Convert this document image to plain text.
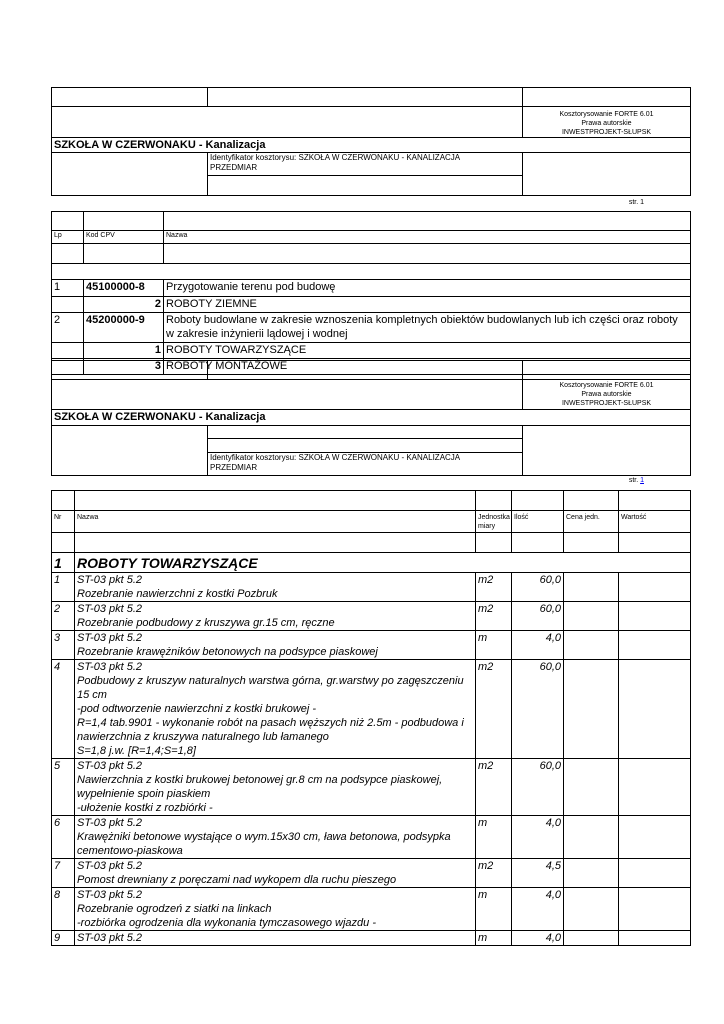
		Kosztorysowanie FORTE 6.01
Prawa autorskie
INWESTPROJEKT-SŁUPSK

SZKOŁA W CZERWONAKU - Kanalizacja		

	Identyfikator kosztorysu: SZKOŁA W CZERWONAKU - KANALIZACJA
PRZEDMIAR	

str. 1

Lp	Kod CPV	Nazwa

1	45100000-8	Przygotowanie terenu pod budowę
	2	ROBOTY ZIEMNE
2	45200000-9	Roboty budowlane w zakresie wznoszenia kompletnych obiektów budowlanych lub ich części oraz roboty w zakresie inżynierii lądowej i wodnej
	1	ROBOTY TOWARZYSZĄCE
	3	ROBOTY MONTAŻOWE

		Kosztorysowanie FORTE 6.01
Prawa autorskie
INWESTPROJEKT-SŁUPSK

SZKOŁA W CZERWONAKU - Kanalizacja		

	Identyfikator kosztorysu: SZKOŁA W CZERWONAKU - KANALIZACJA
PRZEDMIAR	
str. 1

Nr	Nazwa	Jednostka miary	Ilość	Cena jedn.	Wartość

1	ROBOTY TOWARZYSZĄCE				
1	ST-03 pkt 5.2
Rozebranie nawierzchni z kostki Pozbruk	m2	60,0		
2	ST-03 pkt 5.2
Rozebranie podbudowy z kruszywa gr.15 cm, ręczne	m2	60,0		
3	ST-03 pkt 5.2
Rozebranie krawężników betonowych na podsypce piaskowej	m	4,0		
4	ST-03 pkt 5.2
Podbudowy z kruszyw naturalnych warstwa górna, gr.warstwy po zagęszczeniu 15 cm
-pod odtworzenie nawierzchni z kostki brukowej -
R=1,4 tab.9901 - wykonanie robót na pasach węższych niż 2.5m - podbudowa i nawierzchnia z kruszywa naturalnego lub łamanego
S=1,8 j.w. [R=1,4;S=1,8]	m2	60,0		
5	ST-03 pkt 5.2
Nawierzchnia z kostki brukowej betonowej gr.8 cm na podsypce piaskowej, wypełnienie spoin piaskiem
-ułożenie kostki z rozbiórki -	m2	60,0		
6	ST-03 pkt 5.2
Krawężniki betonowe wystające o wym.15x30 cm, ława betonowa, podsypka cementowo-piaskowa	m	4,0		
7	ST-03 pkt 5.2
Pomost drewniany z poręczami nad wykopem dla ruchu pieszego	m2	4,5		
8	ST-03 pkt 5.2
Rozebranie ogrodzeń z siatki na linkach
-rozbiórka ogrodzenia dla wykonania tymczasowego wjazdu -	m	4,0		
9	ST-03 pkt 5.2	m	4,0		
